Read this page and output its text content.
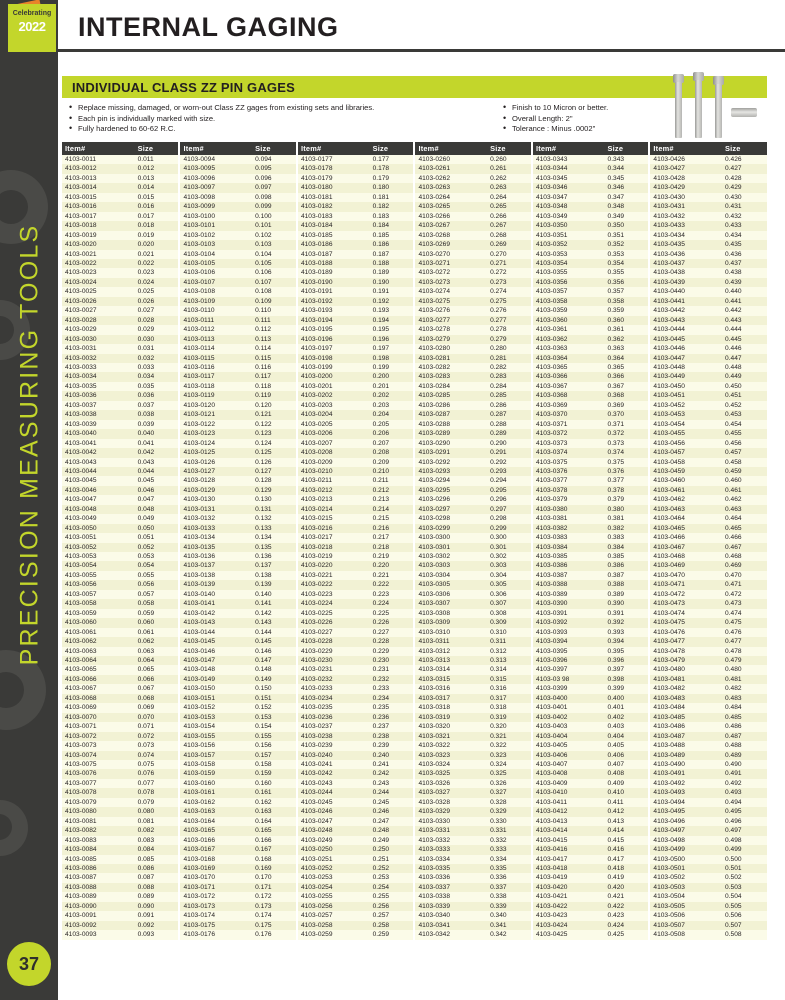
PRECISION MEASURING TOOLS
37
INTERNAL GAGING
Celebrating
2022
INDIVIDUAL CLASS ZZ PIN GAGES
• Replace missing, damaged, or worn-out Class ZZ gages from existing sets and libraries.
• Each pin is individually marked with size.
• Fully hardened to 60-62 R.C.
• Finish to 10 Micron or better.
• Overall Length: 2"
• Tolerance : Minus .0002"
Item#	Size	Item#	Size	Item#	Size	Item#	Size	Item#	Size	Item#	Size
4103-0011	0.011	4103-0094	0.094	4103-0177	0.177	4103-0260	0.260	4103-0343	0.343	4103-0426	0.426
4103-0012	0.012	4103-0095	0.095	4103-0178	0.178	4103-0261	0.261	4103-0344	0.344	4103-0427	0.427
4103-0013	0.013	4103-0096	0.096	4103-0179	0.179	4103-0262	0.262	4103-0345	0.345	4103-0428	0.428
4103-0014	0.014	4103-0097	0.097	4103-0180	0.180	4103-0263	0.263	4103-0346	0.346	4103-0429	0.429
4103-0015	0.015	4103-0098	0.098	4103-0181	0.181	4103-0264	0.264	4103-0347	0.347	4103-0430	0.430
4103-0016	0.016	4103-0099	0.099	4103-0182	0.182	4103-0265	0.265	4103-0348	0.348	4103-0431	0.431
4103-0017	0.017	4103-0100	0.100	4103-0183	0.183	4103-0266	0.266	4103-0349	0.349	4103-0432	0.432
4103-0018	0.018	4103-0101	0.101	4103-0184	0.184	4103-0267	0.267	4103-0350	0.350	4103-0433	0.433
4103-0019	0.019	4103-0102	0.102	4103-0185	0.185	4103-0268	0.268	4103-0351	0.351	4103-0434	0.434
4103-0020	0.020	4103-0103	0.103	4103-0186	0.186	4103-0269	0.269	4103-0352	0.352	4103-0435	0.435
4103-0021	0.021	4103-0104	0.104	4103-0187	0.187	4103-0270	0.270	4103-0353	0.353	4103-0436	0.436
4103-0022	0.022	4103-0105	0.105	4103-0188	0.188	4103-0271	0.271	4103-0354	0.354	4103-0437	0.437
4103-0023	0.023	4103-0106	0.106	4103-0189	0.189	4103-0272	0.272	4103-0355	0.355	4103-0438	0.438
4103-0024	0.024	4103-0107	0.107	4103-0190	0.190	4103-0273	0.273	4103-0356	0.356	4103-0439	0.439
4103-0025	0.025	4103-0108	0.108	4103-0191	0.191	4103-0274	0.274	4103-0357	0.357	4103-0440	0.440
4103-0026	0.026	4103-0109	0.109	4103-0192	0.192	4103-0275	0.275	4103-0358	0.358	4103-0441	0.441
4103-0027	0.027	4103-0110	0.110	4103-0193	0.193	4103-0276	0.276	4103-0359	0.359	4103-0442	0.442
4103-0028	0.028	4103-0111	0.111	4103-0194	0.194	4103-0277	0.277	4103-0360	0.360	4103-0443	0.443
4103-0029	0.029	4103-0112	0.112	4103-0195	0.195	4103-0278	0.278	4103-0361	0.361	4103-0444	0.444
4103-0030	0.030	4103-0113	0.113	4103-0196	0.196	4103-0279	0.279	4103-0362	0.362	4103-0445	0.445
4103-0031	0.031	4103-0114	0.114	4103-0197	0.197	4103-0280	0.280	4103-0363	0.363	4103-0446	0.446
4103-0032	0.032	4103-0115	0.115	4103-0198	0.198	4103-0281	0.281	4103-0364	0.364	4103-0447	0.447
4103-0033	0.033	4103-0116	0.116	4103-0199	0.199	4103-0282	0.282	4103-0365	0.365	4103-0448	0.448
4103-0034	0.034	4103-0117	0.117	4103-0200	0.200	4103-0283	0.283	4103-0366	0.366	4103-0449	0.449
4103-0035	0.035	4103-0118	0.118	4103-0201	0.201	4103-0284	0.284	4103-0367	0.367	4103-0450	0.450
4103-0036	0.036	4103-0119	0.119	4103-0202	0.202	4103-0285	0.285	4103-0368	0.368	4103-0451	0.451
4103-0037	0.037	4103-0120	0.120	4103-0203	0.203	4103-0286	0.286	4103-0369	0.369	4103-0452	0.452
4103-0038	0.038	4103-0121	0.121	4103-0204	0.204	4103-0287	0.287	4103-0370	0.370	4103-0453	0.453
4103-0039	0.039	4103-0122	0.122	4103-0205	0.205	4103-0288	0.288	4103-0371	0.371	4103-0454	0.454
4103-0040	0.040	4103-0123	0.123	4103-0206	0.206	4103-0289	0.289	4103-0372	0.372	4103-0455	0.455
4103-0041	0.041	4103-0124	0.124	4103-0207	0.207	4103-0290	0.290	4103-0373	0.373	4103-0456	0.456
4103-0042	0.042	4103-0125	0.125	4103-0208	0.208	4103-0291	0.291	4103-0374	0.374	4103-0457	0.457
4103-0043	0.043	4103-0126	0.126	4103-0209	0.209	4103-0292	0.292	4103-0375	0.375	4103-0458	0.458
4103-0044	0.044	4103-0127	0.127	4103-0210	0.210	4103-0293	0.293	4103-0376	0.376	4103-0459	0.459
4103-0045	0.045	4103-0128	0.128	4103-0211	0.211	4103-0294	0.294	4103-0377	0.377	4103-0460	0.460
4103-0046	0.046	4103-0129	0.129	4103-0212	0.212	4103-0295	0.295	4103-0378	0.378	4103-0461	0.461
4103-0047	0.047	4103-0130	0.130	4103-0213	0.213	4103-0296	0.296	4103-0379	0.379	4103-0462	0.462
4103-0048	0.048	4103-0131	0.131	4103-0214	0.214	4103-0297	0.297	4103-0380	0.380	4103-0463	0.463
4103-0049	0.049	4103-0132	0.132	4103-0215	0.215	4103-0298	0.298	4103-0381	0.381	4103-0464	0.464
4103-0050	0.050	4103-0133	0.133	4103-0216	0.216	4103-0299	0.299	4103-0382	0.382	4103-0465	0.465
4103-0051	0.051	4103-0134	0.134	4103-0217	0.217	4103-0300	0.300	4103-0383	0.383	4103-0466	0.466
4103-0052	0.052	4103-0135	0.135	4103-0218	0.218	4103-0301	0.301	4103-0384	0.384	4103-0467	0.467
4103-0053	0.053	4103-0136	0.136	4103-0219	0.219	4103-0302	0.302	4103-0385	0.385	4103-0468	0.468
4103-0054	0.054	4103-0137	0.137	4103-0220	0.220	4103-0303	0.303	4103-0386	0.386	4103-0469	0.469
4103-0055	0.055	4103-0138	0.138	4103-0221	0.221	4103-0304	0.304	4103-0387	0.387	4103-0470	0.470
4103-0056	0.056	4103-0139	0.139	4103-0222	0.222	4103-0305	0.305	4103-0388	0.388	4103-0471	0.471
4103-0057	0.057	4103-0140	0.140	4103-0223	0.223	4103-0306	0.306	4103-0389	0.389	4103-0472	0.472
4103-0058	0.058	4103-0141	0.141	4103-0224	0.224	4103-0307	0.307	4103-0390	0.390	4103-0473	0.473
4103-0059	0.059	4103-0142	0.142	4103-0225	0.225	4103-0308	0.308	4103-0391	0.391	4103-0474	0.474
4103-0060	0.060	4103-0143	0.143	4103-0226	0.226	4103-0309	0.309	4103-0392	0.392	4103-0475	0.475
4103-0061	0.061	4103-0144	0.144	4103-0227	0.227	4103-0310	0.310	4103-0393	0.393	4103-0476	0.476
4103-0062	0.062	4103-0145	0.145	4103-0228	0.228	4103-0311	0.311	4103-0394	0.394	4103-0477	0.477
4103-0063	0.063	4103-0146	0.146	4103-0229	0.229	4103-0312	0.312	4103-0395	0.395	4103-0478	0.478
4103-0064	0.064	4103-0147	0.147	4103-0230	0.230	4103-0313	0.313	4103-0396	0.396	4103-0479	0.479
4103-0065	0.065	4103-0148	0.148	4103-0231	0.231	4103-0314	0.314	4103-0397	0.397	4103-0480	0.480
4103-0066	0.066	4103-0149	0.149	4103-0232	0.232	4103-0315	0.315	4103-03 98	0.398	4103-0481	0.481
4103-0067	0.067	4103-0150	0.150	4103-0233	0.233	4103-0316	0.316	4103-0399	0.399	4103-0482	0.482
4103-0068	0.068	4103-0151	0.151	4103-0234	0.234	4103-0317	0.317	4103-0400	0.400	4103-0483	0.483
4103-0069	0.069	4103-0152	0.152	4103-0235	0.235	4103-0318	0.318	4103-0401	0.401	4103-0484	0.484
4103-0070	0.070	4103-0153	0.153	4103-0236	0.236	4103-0319	0.319	4103-0402	0.402	4103-0485	0.485
4103-0071	0.071	4103-0154	0.154	4103-0237	0.237	4103-0320	0.320	4103-0403	0.403	4103-0486	0.486
4103-0072	0.072	4103-0155	0.155	4103-0238	0.238	4103-0321	0.321	4103-0404	0.404	4103-0487	0.487
4103-0073	0.073	4103-0156	0.156	4103-0239	0.239	4103-0322	0.322	4103-0405	0.405	4103-0488	0.488
4103-0074	0.074	4103-0157	0.157	4103-0240	0.240	4103-0323	0.323	4103-0406	0.406	4103-0489	0.489
4103-0075	0.075	4103-0158	0.158	4103-0241	0.241	4103-0324	0.324	4103-0407	0.407	4103-0490	0.490
4103-0076	0.076	4103-0159	0.159	4103-0242	0.242	4103-0325	0.325	4103-0408	0.408	4103-0491	0.491
4103-0077	0.077	4103-0160	0.160	4103-0243	0.243	4103-0326	0.326	4103-0409	0.409	4103-0492	0.492
4103-0078	0.078	4103-0161	0.161	4103-0244	0.244	4103-0327	0.327	4103-0410	0.410	4103-0493	0.493
4103-0079	0.079	4103-0162	0.162	4103-0245	0.245	4103-0328	0.328	4103-0411	0.411	4103-0494	0.494
4103-0080	0.080	4103-0163	0.163	4103-0246	0.246	4103-0329	0.329	4103-0412	0.412	4103-0495	0.495
4103-0081	0.081	4103-0164	0.164	4103-0247	0.247	4103-0330	0.330	4103-0413	0.413	4103-0496	0.496
4103-0082	0.082	4103-0165	0.165	4103-0248	0.248	4103-0331	0.331	4103-0414	0.414	4103-0497	0.497
4103-0083	0.083	4103-0166	0.166	4103-0249	0.249	4103-0332	0.332	4103-0415	0.415	4103-0498	0.498
4103-0084	0.084	4103-0167	0.167	4103-0250	0.250	4103-0333	0.333	4103-0416	0.416	4103-0499	0.499
4103-0085	0.085	4103-0168	0.168	4103-0251	0.251	4103-0334	0.334	4103-0417	0.417	4103-0500	0.500
4103-0086	0.086	4103-0169	0.169	4103-0252	0.252	4103-0335	0.335	4103-0418	0.418	4103-0501	0.501
4103-0087	0.087	4103-0170	0.170	4103-0253	0.253	4103-0336	0.336	4103-0419	0.419	4103-0502	0.502
4103-0088	0.088	4103-0171	0.171	4103-0254	0.254	4103-0337	0.337	4103-0420	0.420	4103-0503	0.503
4103-0089	0.089	4103-0172	0.172	4103-0255	0.255	4103-0338	0.338	4103-0421	0.421	4103-0504	0.504
4103-0090	0.090	4103-0173	0.173	4103-0256	0.256	4103-0339	0.339	4103-0422	0.422	4103-0505	0.505
4103-0091	0.091	4103-0174	0.174	4103-0257	0.257	4103-0340	0.340	4103-0423	0.423	4103-0506	0.506
4103-0092	0.092	4103-0175	0.175	4103-0258	0.258	4103-0341	0.341	4103-0424	0.424	4103-0507	0.507
4103-0093	0.093	4103-0176	0.176	4103-0259	0.259	4103-0342	0.342	4103-0425	0.425	4103-0508	0.508
